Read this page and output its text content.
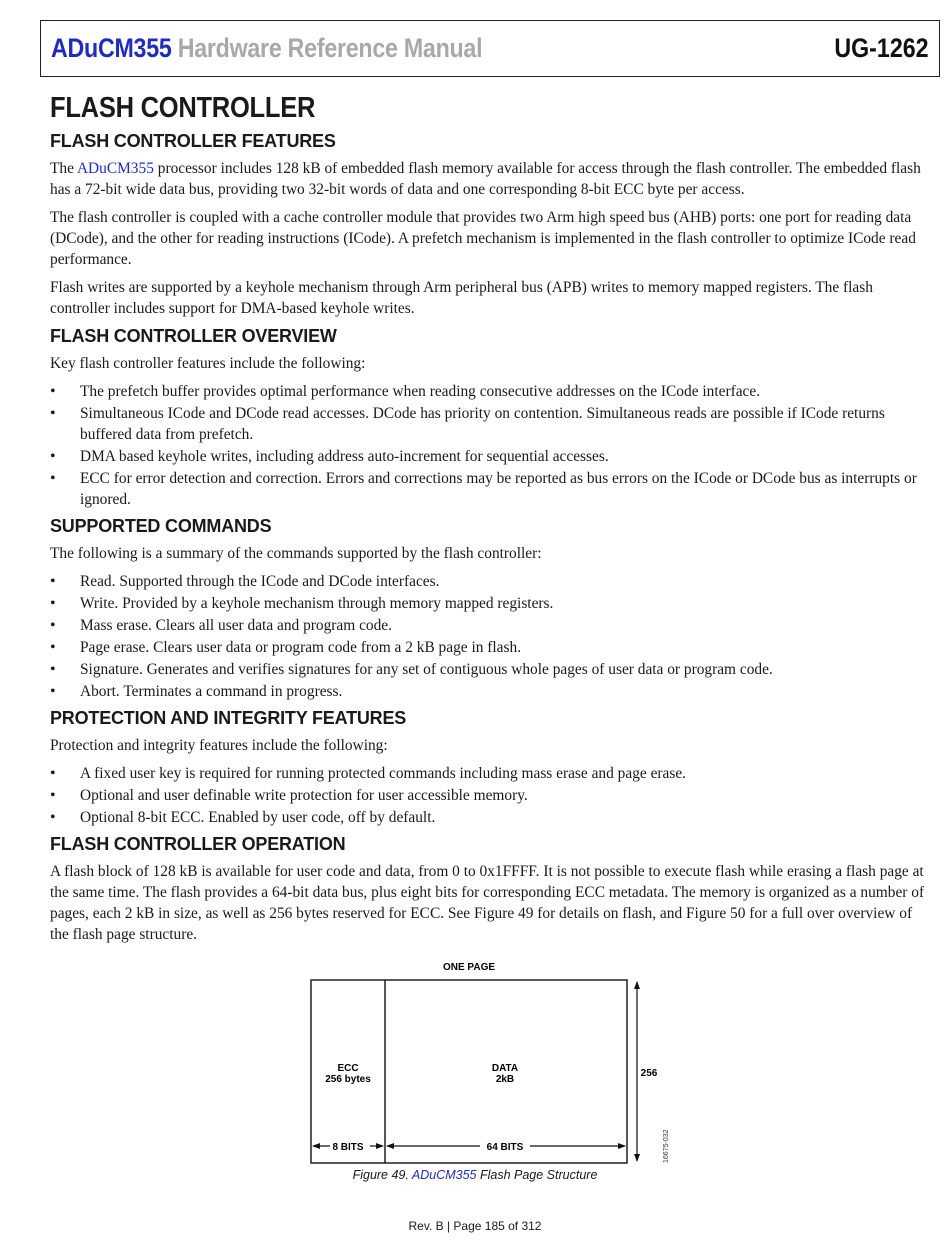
ADuCM355 Hardware Reference Manual	UG-1262
FLASH CONTROLLER
FLASH CONTROLLER FEATURES

The ADuCM355 processor includes 128 kB of embedded flash memory available for access through the flash controller. The embedded flash has a 72-bit wide data bus, providing two 32-bit words of data and one corresponding 8-bit ECC byte per access.

The flash controller is coupled with a cache controller module that provides two Arm high speed bus (AHB) ports: one port for reading data (DCode), and the other for reading instructions (ICode). A prefetch mechanism is implemented in the flash controller to optimize ICode read performance.

Flash writes are supported by a keyhole mechanism through Arm peripheral bus (APB) writes to memory mapped registers. The flash controller includes support for DMA-based keyhole writes.

FLASH CONTROLLER OVERVIEW

Key flash controller features include the following:

• The prefetch buffer provides optimal performance when reading consecutive addresses on the ICode interface.
• Simultaneous ICode and DCode read accesses. DCode has priority on contention. Simultaneous reads are possible if ICode returns buffered data from prefetch.
• DMA based keyhole writes, including address auto-increment for sequential accesses.
• ECC for error detection and correction. Errors and corrections may be reported as bus errors on the ICode or DCode bus as interrupts or ignored.
SUPPORTED COMMANDS

The following is a summary of the commands supported by the flash controller:

• Read. Supported through the ICode and DCode interfaces.
• Write. Provided by a keyhole mechanism through memory mapped registers.
• Mass erase. Clears all user data and program code.
• Page erase. Clears user data or program code from a 2 kB page in flash.
• Signature. Generates and verifies signatures for any set of contiguous whole pages of user data or program code.
• Abort. Terminates a command in progress.
PROTECTION AND INTEGRITY FEATURES

Protection and integrity features include the following:

• A fixed user key is required for running protected commands including mass erase and page erase.
• Optional and user definable write protection for user accessible memory.
• Optional 8-bit ECC. Enabled by user code, off by default.
FLASH CONTROLLER OPERATION

A flash block of 128 kB is available for user code and data, from 0 to 0x1FFFF. It is not possible to execute flash while erasing a flash page at the same time. The flash provides a 64-bit data bus, plus eight bits for corresponding ECC metadata. The memory is organized as a number of pages, each 2 kB in size, as well as 256 bytes reserved for ECC. See Figure 49 for details on flash, and Figure 50 for a full over overview of the flash page structure.

ONE PAGE
ECC
256 bytes
DATA
2kB
256
8 BITS	64 BITS	16675-032
Figure 49. ADuCM355 Flash Page Structure
Rev. B | Page 185 of 312
